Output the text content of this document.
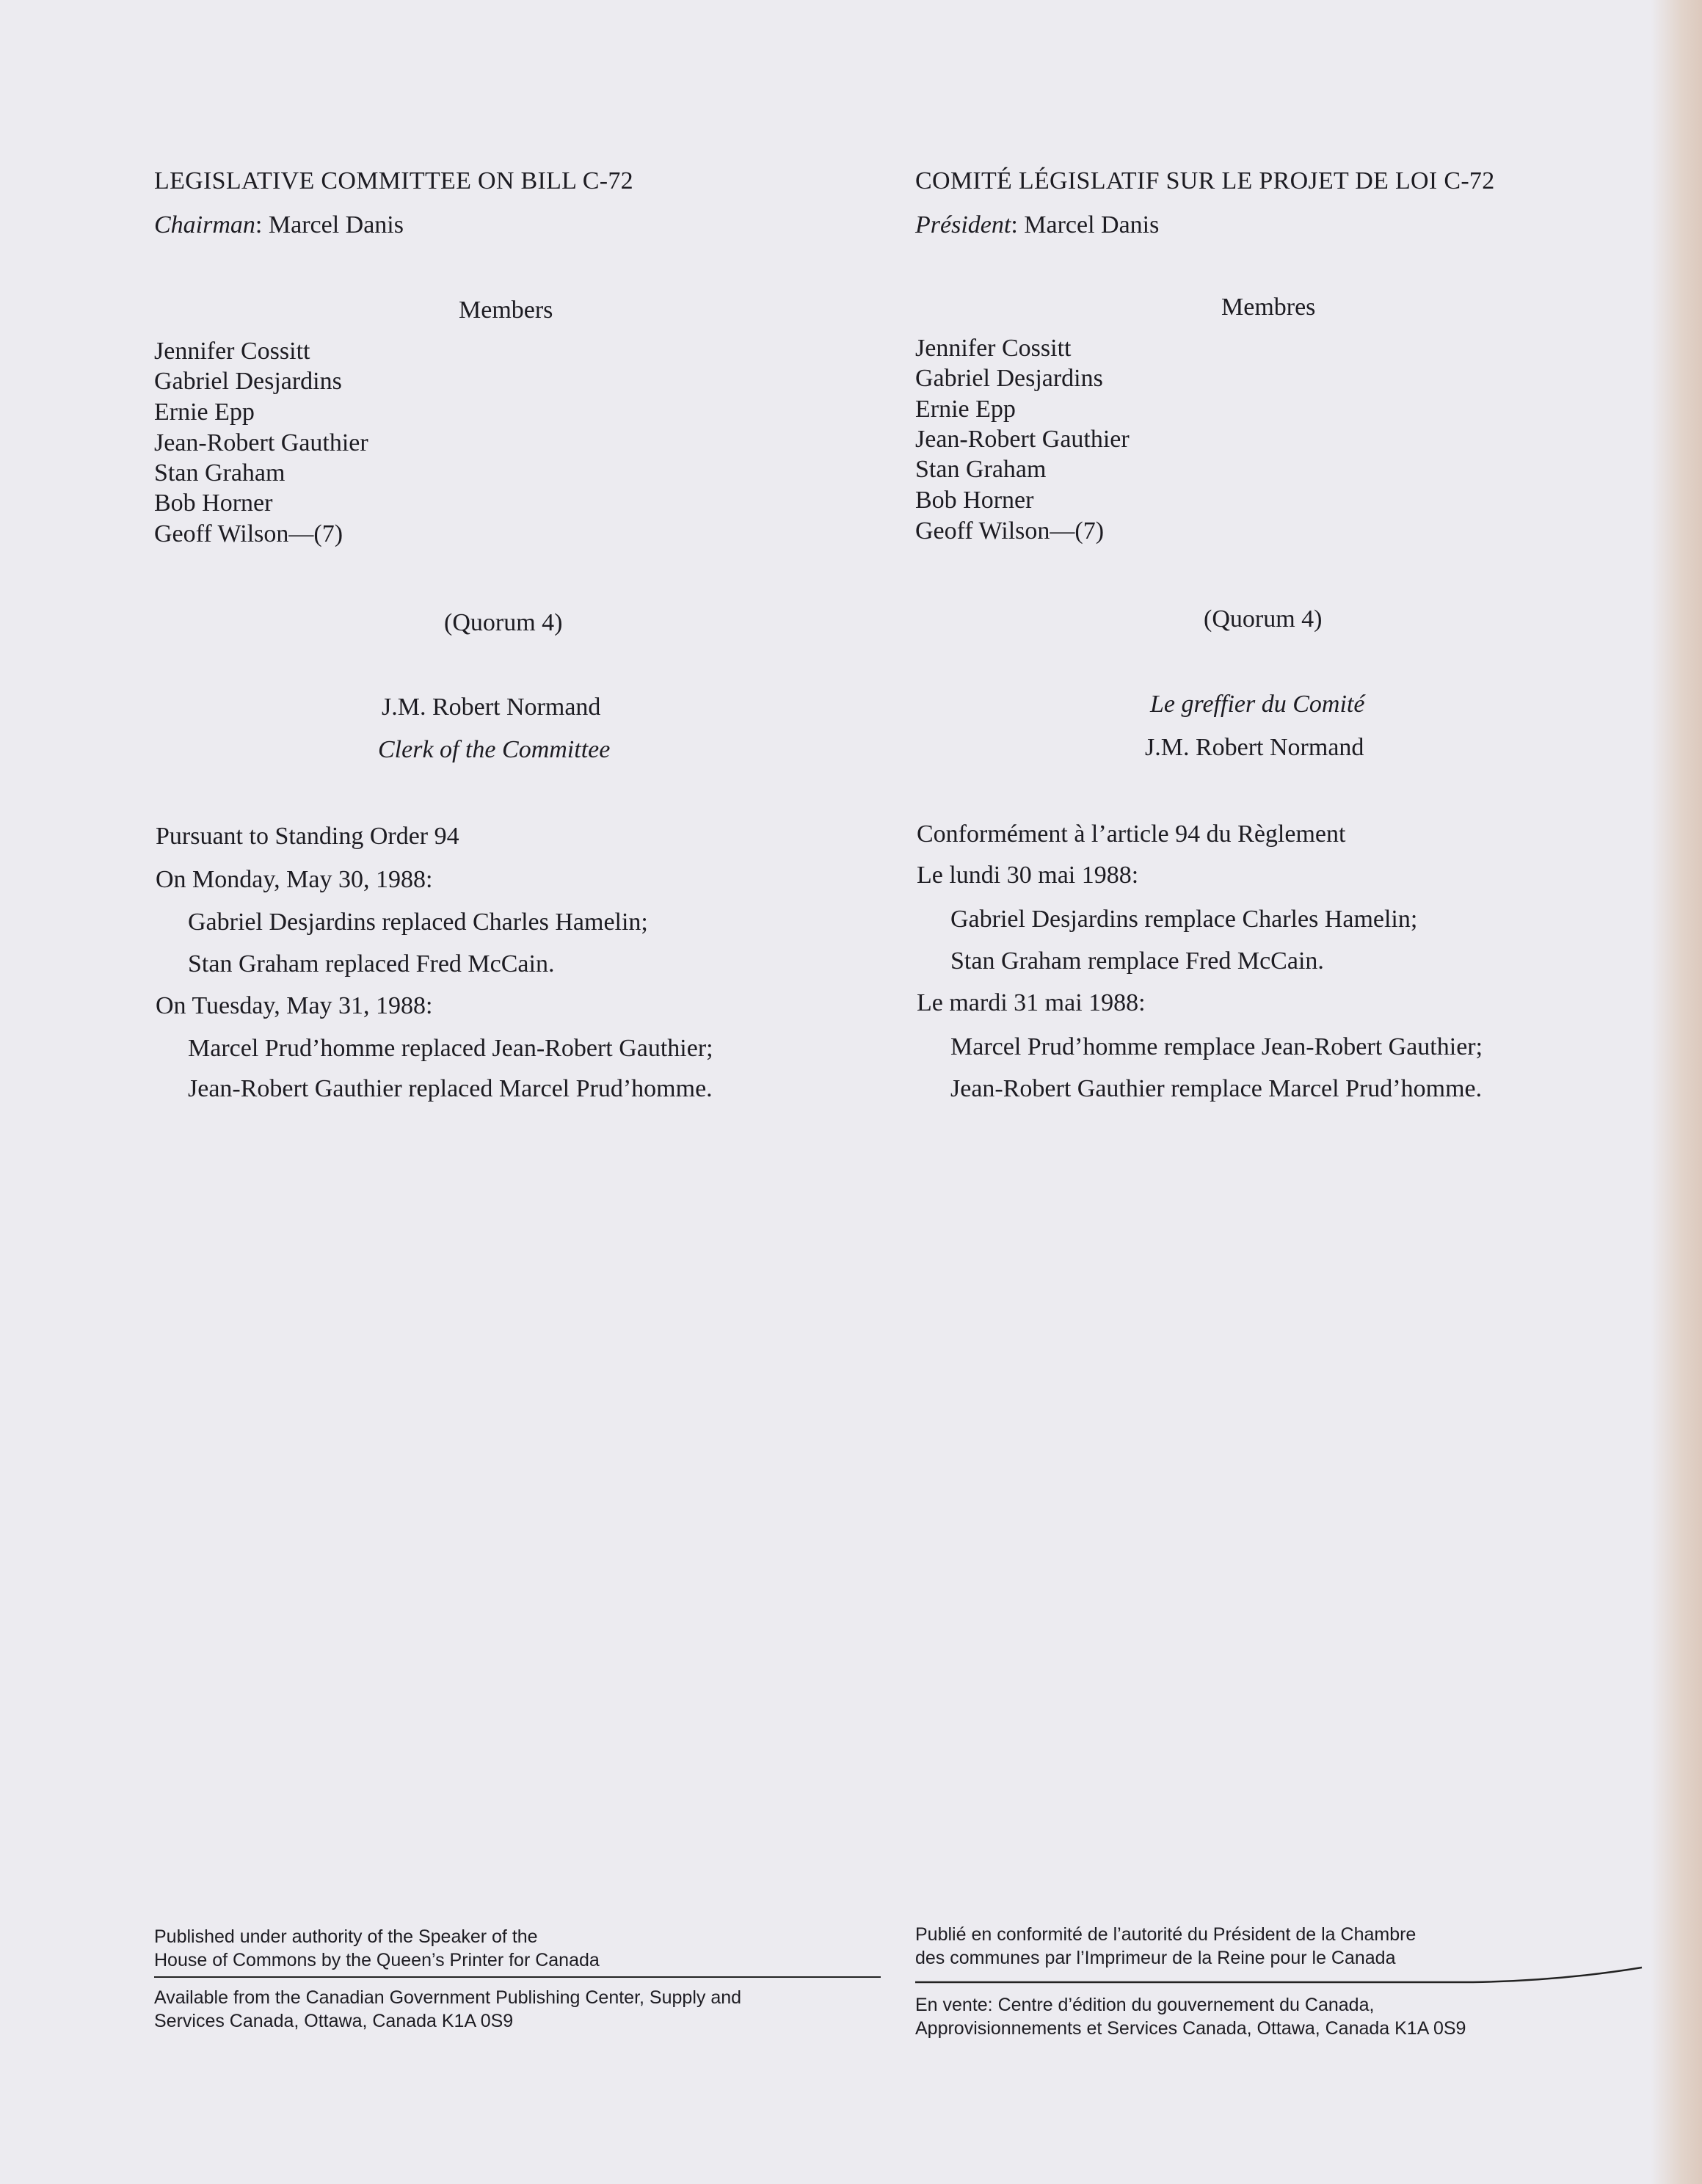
LEGISLATIVE COMMITTEE ON BILL C-72
Chairman: Marcel Danis
Members
Jennifer Cossitt
Gabriel Desjardins
Ernie Epp
Jean-Robert Gauthier
Stan Graham
Bob Horner
Geoff Wilson—(7)
(Quorum 4)
J.M. Robert Normand
Clerk of the Committee
Pursuant to Standing Order 94
On Monday, May 30, 1988:
Gabriel Desjardins replaced Charles Hamelin;
Stan Graham replaced Fred McCain.
On Tuesday, May 31, 1988:
Marcel Prud’homme replaced Jean-Robert Gauthier;
Jean-Robert Gauthier replaced Marcel Prud’homme.
Published under authority of the Speaker of the
House of Commons by the Queen’s Printer for Canada
Available from the Canadian Government Publishing Center, Supply and
Services Canada, Ottawa, Canada K1A 0S9
COMITÉ LÉGISLATIF SUR LE PROJET DE LOI C-72
Président: Marcel Danis
Membres
Jennifer Cossitt
Gabriel Desjardins
Ernie Epp
Jean-Robert Gauthier
Stan Graham
Bob Horner
Geoff Wilson—(7)
(Quorum 4)
Le greffier du Comité
J.M. Robert Normand
Conformément à l’article 94 du Règlement
Le lundi 30 mai 1988:
Gabriel Desjardins remplace Charles Hamelin;
Stan Graham remplace Fred McCain.
Le mardi 31 mai 1988:
Marcel Prud’homme remplace Jean-Robert Gauthier;
Jean-Robert Gauthier remplace Marcel Prud’homme.
Publié en conformité de l’autorité du Président de la Chambre
des communes par l’Imprimeur de la Reine pour le Canada
En vente: Centre d’édition du gouvernement du Canada,
Approvisionnements et Services Canada, Ottawa, Canada K1A 0S9
